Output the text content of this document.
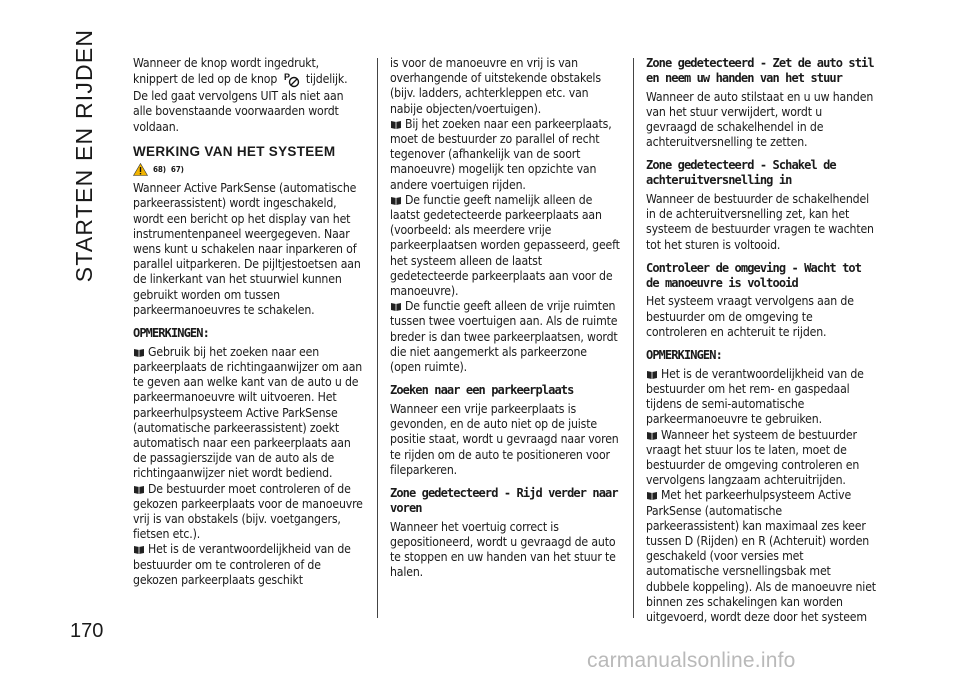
STARTEN EN RIJDEN
170

Wanneer de knop wordt ingedrukt,
knippert de led op de knop P tijdelijk. De led gaat vervolgens UIT als niet aan alle bovenstaande voorwaarden wordt voldaan.

WERKING VAN HET SYSTEEM
68) 67)

Wanneer Active ParkSense (automatische parkeerassistent) wordt ingeschakeld, wordt een bericht op het display van het instrumentenpaneel weergegeven. Naar wens kunt u schakelen naar inparkeren of parallel uitparkeren. De pijltjestoetsen aan de linkerkant van het stuurwiel kunnen gebruikt worden om tussen parkeermanoeuvres te schakelen.

OPMERKINGEN:

Gebruik bij het zoeken naar een parkeerplaats de richtingaanwijzer om aan te geven aan welke kant van de auto u de parkeermanoeuvre wilt uitvoeren. Het parkeerhulpsysteem Active ParkSense (automatische parkeerassistent) zoekt automatisch naar een parkeerplaats aan de passagierszijde van de auto als de richtingaanwijzer niet wordt bediend.

De bestuurder moet controleren of de gekozen parkeerplaats voor de manoeuvre vrij is van obstakels (bijv. voetgangers, fietsen etc.).

Het is de verantwoordelijkheid van de bestuurder om te controleren of de gekozen parkeerplaats geschikt

is voor de manoeuvre en vrij is van overhangende of uitstekende obstakels (bijv. ladders, achterkleppen etc. van nabije objecten/voertuigen).

Bij het zoeken naar een parkeerplaats, moet de bestuurder zo parallel of recht tegenover (afhankelijk van de soort manoeuvre) mogelijk ten opzichte van andere voertuigen rijden.

De functie geeft namelijk alleen de laatst gedetecteerde parkeerplaats aan (voorbeeld: als meerdere vrije parkeerplaatsen worden gepasseerd, geeft het systeem alleen de laatst gedetecteerde parkeerplaats aan voor de manoeuvre).

De functie geeft alleen de vrije ruimten tussen twee voertuigen aan. Als de ruimte breder is dan twee parkeerplaatsen, wordt die niet aangemerkt als parkeerzone (open ruimte).

Zoeken naar een parkeerplaats

Wanneer een vrije parkeerplaats is gevonden, en de auto niet op de juiste positie staat, wordt u gevraagd naar voren te rijden om de auto te positioneren voor fileparkeren.

Zone gedetecteerd - Rijd verder naar voren

Wanneer het voertuig correct is gepositioneerd, wordt u gevraagd de auto te stoppen en uw handen van het stuur te halen.

Zone gedetecteerd - Zet de auto stil en neem uw handen van het stuur

Wanneer de auto stilstaat en u uw handen van het stuur verwijdert, wordt u gevraagd de schakelhendel in de achteruitversnelling te zetten.

Zone gedetecteerd - Schakel de achteruitversnelling in

Wanneer de bestuurder de schakelhendel in de achteruitversnelling zet, kan het systeem de bestuurder vragen te wachten tot het sturen is voltooid.

Controleer de omgeving - Wacht tot de manoeuvre is voltooid

Het systeem vraagt vervolgens aan de bestuurder om de omgeving te controleren en achteruit te rijden.

OPMERKINGEN:

Het is de verantwoordelijkheid van de bestuurder om het rem- en gaspedaal tijdens de semi-automatische parkeermanoeuvre te gebruiken.

Wanneer het systeem de bestuurder vraagt het stuur los te laten, moet de bestuurder de omgeving controleren en vervolgens langzaam achteruitrijden.

Met het parkeerhulpsysteem Active ParkSense (automatische parkeerassistent) kan maximaal zes keer tussen D (Rijden) en R (Achteruit) worden geschakeld (voor versies met automatische versnellingsbak met dubbele koppeling). Als de manoeuvre niet binnen zes schakelingen kan worden uitgevoerd, wordt deze door het systeem

carmanualsonline.info
